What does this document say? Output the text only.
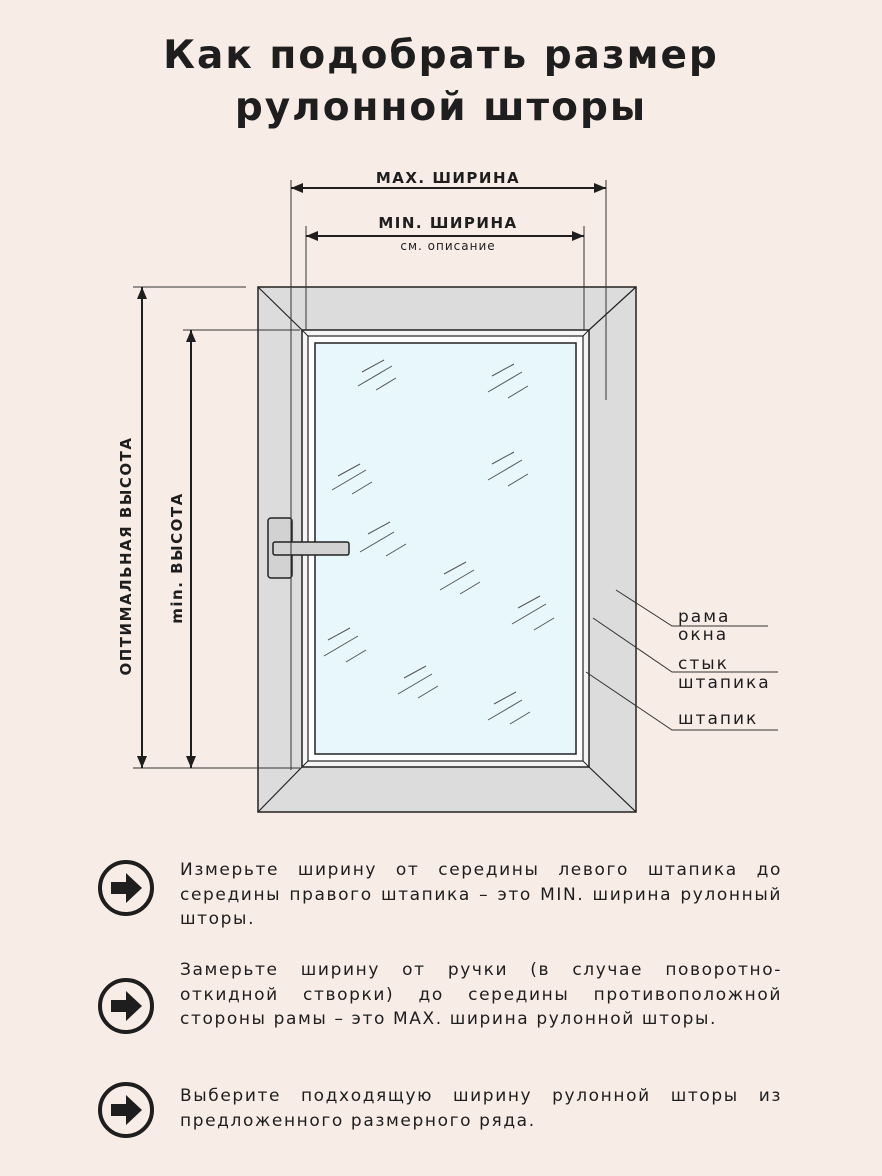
Как подобрать размер
рулонной шторы
MAX. ШИРИНА
MIN. ШИРИНА
см. описание
ОПТИМАЛЬНАЯ ВЫСОТА min. ВЫСОТА	рама
окна
стык
штапика
штапик
Измерьте ширину от середины левого штапика до середины правого штапика – это MIN. ширина рулонный шторы.
Замерьте ширину от ручки (в случае поворотно-откидной створки) до середины противоположной стороны рамы – это MAX. ширина рулонной шторы.
Выберите подходящую ширину рулонной шторы из предложенного размерного ряда.
